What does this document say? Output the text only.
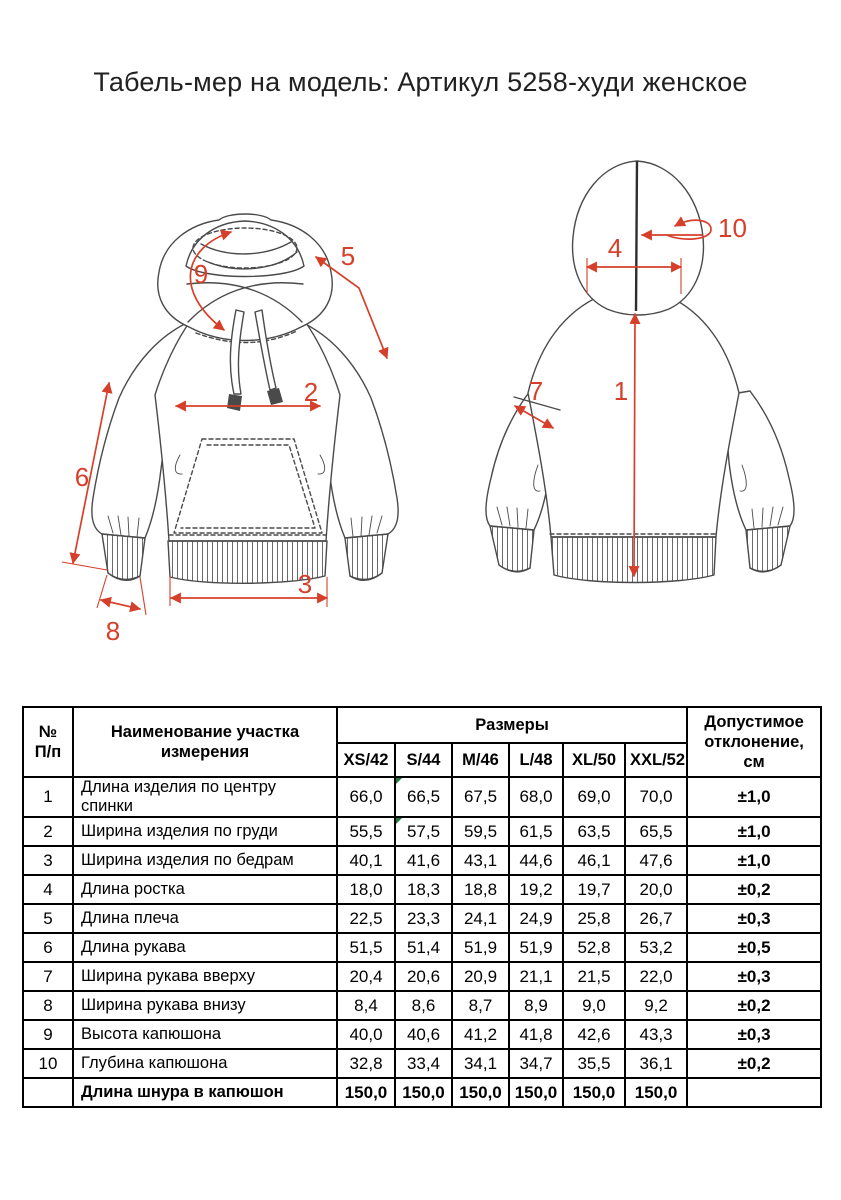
Табель-мер на модель: Артикул 5258-худи женское
9
5
2
6
8
3
10
4
1
7
№
П/п	Наименование участка измерения	Размеры						Допустимое отклонение, см
		XS/42	S/44	M/46	L/48	XL/50	XXL/52	
1	Длина изделия по центру спинки	66,0	66,5	67,5	68,0	69,0	70,0	±1,0
2	Ширина изделия по груди	55,5	57,5	59,5	61,5	63,5	65,5	±1,0
3	Ширина изделия по бедрам	40,1	41,6	43,1	44,6	46,1	47,6	±1,0
4	Длина ростка	18,0	18,3	18,8	19,2	19,7	20,0	±0,2
5	Длина плеча	22,5	23,3	24,1	24,9	25,8	26,7	±0,3
6	Длина рукава	51,5	51,4	51,9	51,9	52,8	53,2	±0,5
7	Ширина рукава вверху	20,4	20,6	20,9	21,1	21,5	22,0	±0,3
8	Ширина рукава внизу	8,4	8,6	8,7	8,9	9,0	9,2	±0,2
9	Высота капюшона	40,0	40,6	41,2	41,8	42,6	43,3	±0,3
10	Глубина капюшона	32,8	33,4	34,1	34,7	35,5	36,1	±0,2
	Длина шнура в капюшон	150,0	150,0	150,0	150,0	150,0	150,0	
